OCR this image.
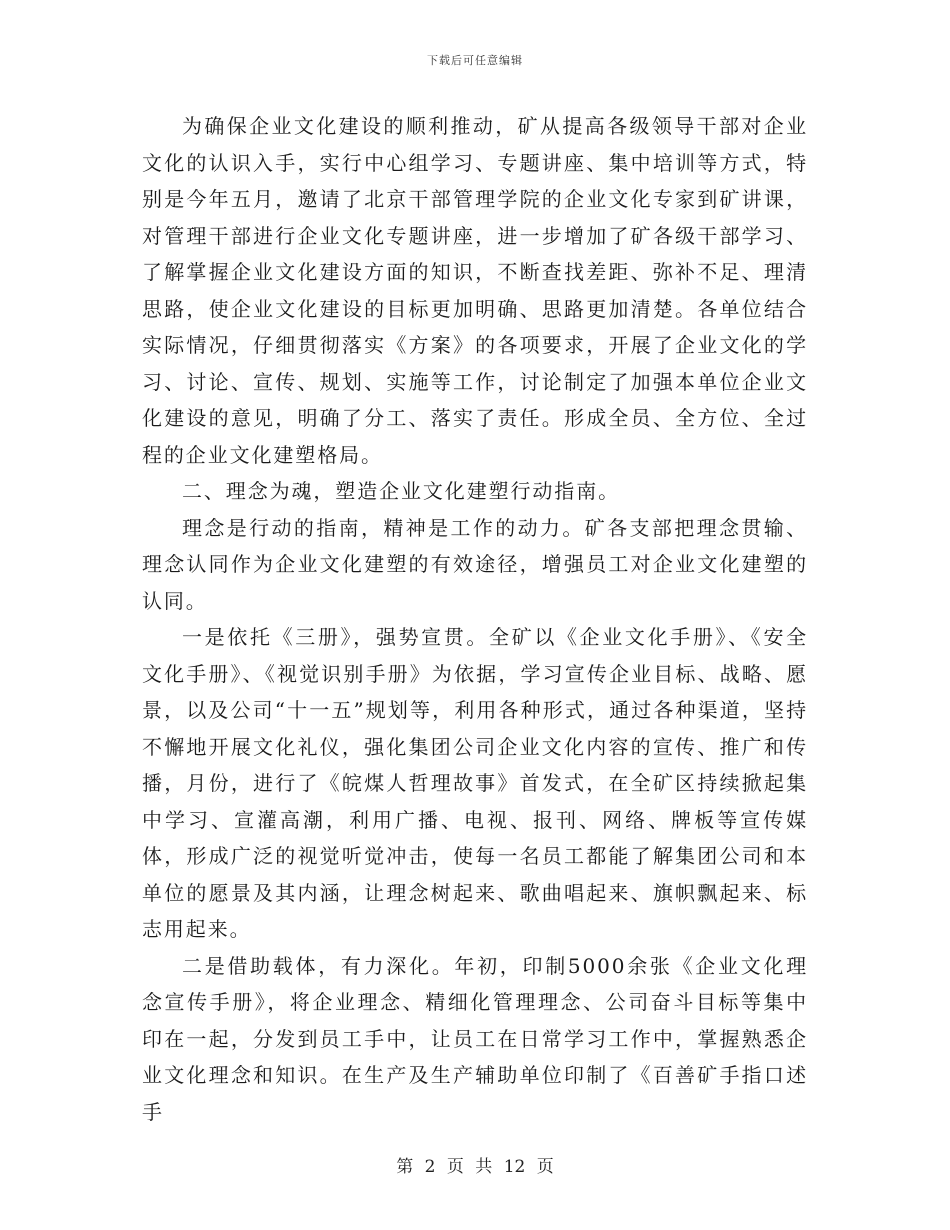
下载后可任意编辑

为确保企业文化建设的顺利推动，矿从提高各级领导干部对企业文化的认识入手，实行中心组学习、专题讲座、集中培训等方式，特别是今年五月，邀请了北京干部管理学院的企业文化专家到矿讲课，对管理干部进行企业文化专题讲座，进一步增加了矿各级干部学习、了解掌握企业文化建设方面的知识，不断查找差距、弥补不足、理清思路，使企业文化建设的目标更加明确、思路更加清楚。各单位结合实际情况，仔细贯彻落实《方案》的各项要求，开展了企业文化的学习、讨论、宣传、规划、实施等工作，讨论制定了加强本单位企业文化建设的意见，明确了分工、落实了责任。形成全员、全方位、全过程的企业文化建塑格局。

二、理念为魂，塑造企业文化建塑行动指南。

理念是行动的指南，精神是工作的动力。矿各支部把理念贯输、理念认同作为企业文化建塑的有效途径，增强员工对企业文化建塑的认同。

一是依托《三册》，强势宣贯。全矿以《企业文化手册》、《安全文化手册》、《视觉识别手册》为依据，学习宣传企业目标、战略、愿景，以及公司“十一五”规划等，利用各种形式，通过各种渠道，坚持不懈地开展文化礼仪，强化集团公司企业文化内容的宣传、推广和传播，月份，进行了《皖煤人哲理故事》首发式，在全矿区持续掀起集中学习、宣灌高潮，利用广播、电视、报刊、网络、牌板等宣传媒体，形成广泛的视觉听觉冲击，使每一名员工都能了解集团公司和本单位的愿景及其内涵，让理念树起来、歌曲唱起来、旗帜飘起来、标志用起来。

二是借助载体，有力深化。年初，印制5000余张《企业文化理念宣传手册》，将企业理念、精细化管理理念、公司奋斗目标等集中印在一起，分发到员工手中，让员工在日常学习工作中，掌握熟悉企业文化理念和知识。在生产及生产辅助单位印制了《百善矿手指口述手

第 2 页 共 12 页
